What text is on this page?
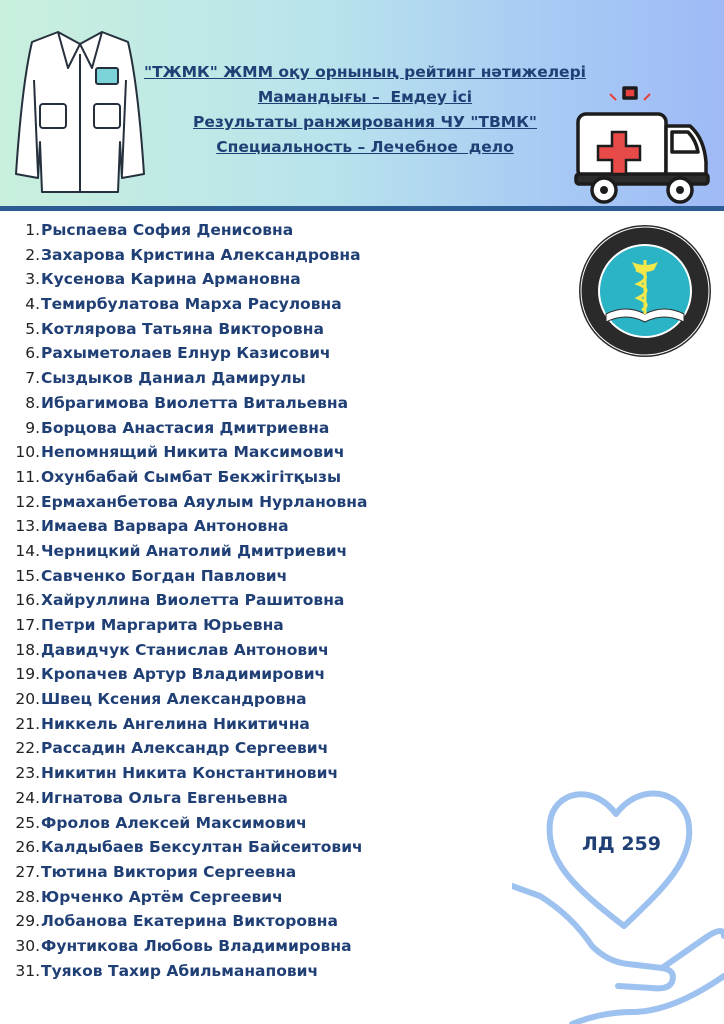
"ТЖМК" ЖММ оқу орнының рейтинг нәтижелері
Мамандығы –  Емдеу ісі
Результаты ранжирования ЧУ "ТВМК"
Специальность – Лечебное  дело
1.Рыспаева София Денисовна
2.Захарова Кристина Александровна
3.Кусенова Карина Армановна
4.Темирбулатова Марха Расуловна
5.Котлярова Татьяна Викторовна
6.Рахыметолаев Елнур Казисович
7.Сыздыков Даниал Дамирулы
8.Ибрагимова Виолетта Витальевна
9.Борцова Анастасия Дмитриевна
10.Непомнящий Никита Максимович
11.Охунбабай Сымбат Бекжігітқызы
12.Ермаханбетова Аяулым Нурлановна
13.Имаева Варвара Антоновна
14.Черницкий Анатолий Дмитриевич
15.Савченко Богдан Павлович
16.Хайруллина Виолетта Рашитовна
17.Петри Маргарита Юрьевна
18.Давидчук Станислав Антонович
19.Кропачев Артур Владимирович
20.Швец Ксения Александровна
21.Никкель Ангелина Никитична
22.Рассадин Александр Сергеевич
23.Никитин Никита Константинович
24.Игнатова Ольга Евгеньевна
25.Фролов Алексей Максимович
26.Калдыбаев Бексултан Байсеитович
27.Тютина Виктория Сергеевна
28.Юрченко Артём Сергеевич
29.Лобанова Екатерина Викторовна
30.Фунтикова Любовь Владимировна
31.Туяков Тахир Абильманапович
ЛД 259
